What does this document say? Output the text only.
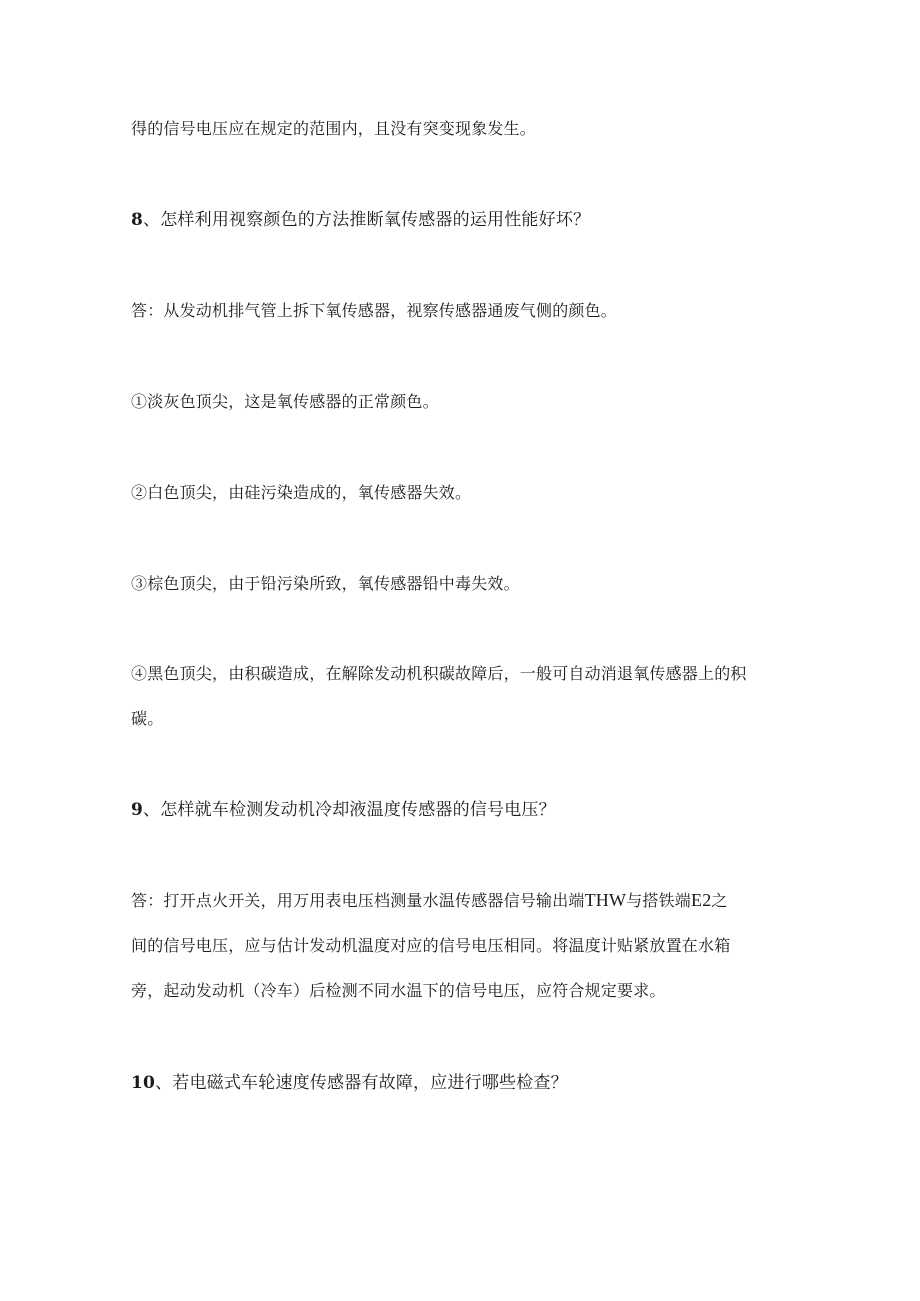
得的信号电压应在规定的范围内，且没有突变现象发生。
8、怎样利用视察颜色的方法推断氧传感器的运用性能好坏？
答：从发动机排气管上拆下氧传感器，视察传感器通废气侧的颜色。
①淡灰色顶尖，这是氧传感器的正常颜色。
②白色顶尖，由硅污染造成的，氧传感器失效。
③棕色顶尖，由于铅污染所致，氧传感器铅中毒失效。
④黑色顶尖，由积碳造成，在解除发动机积碳故障后，一般可自动消退氧传感器上的积
碳。
9、怎样就车检测发动机冷却液温度传感器的信号电压？
答：打开点火开关，用万用表电压档测量水温传感器信号输出端THW与搭铁端E2之
间的信号电压，应与估计发动机温度对应的信号电压相同。将温度计贴紧放置在水箱
旁，起动发动机（冷车）后检测不同水温下的信号电压，应符合规定要求。
10、若电磁式车轮速度传感器有故障，应进行哪些检查？
